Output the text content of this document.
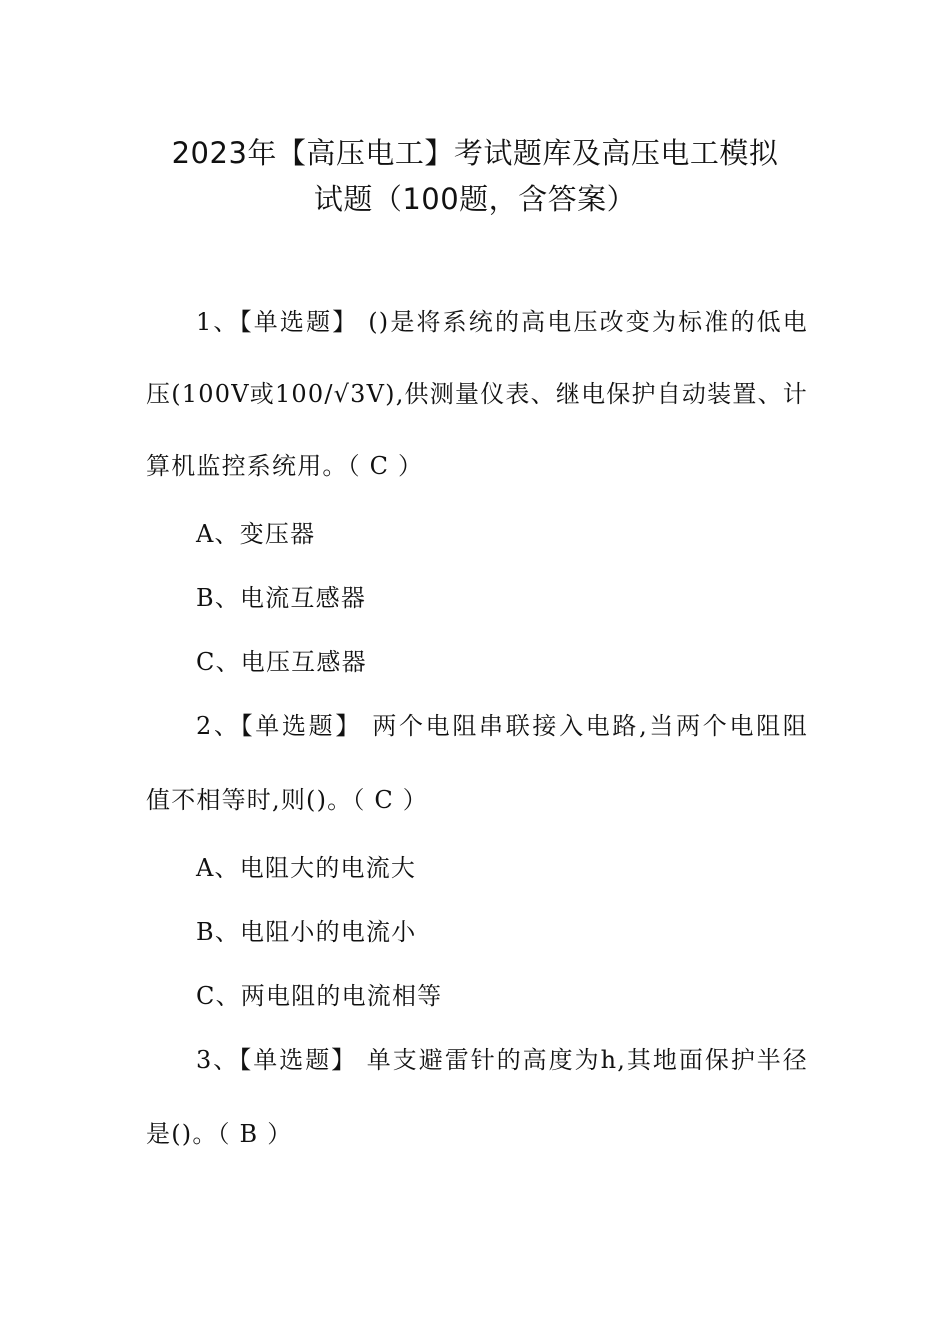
2023年【高压电工】考试题库及高压电工模拟
试题（100题，含答案）
1、【单选题】 ()是将系统的高电压改变为标准的低电
压(100V或100/√3V),供测量仪表、继电保护自动装置、计
算机监控系统用。（ C ）
A、变压器
B、电流互感器
C、电压互感器
2、【单选题】 两个电阻串联接入电路,当两个电阻阻
值不相等时,则()。（ C ）
A、电阻大的电流大
B、电阻小的电流小
C、两电阻的电流相等
3、【单选题】 单支避雷针的高度为h,其地面保护半径
是()。（ B ）
